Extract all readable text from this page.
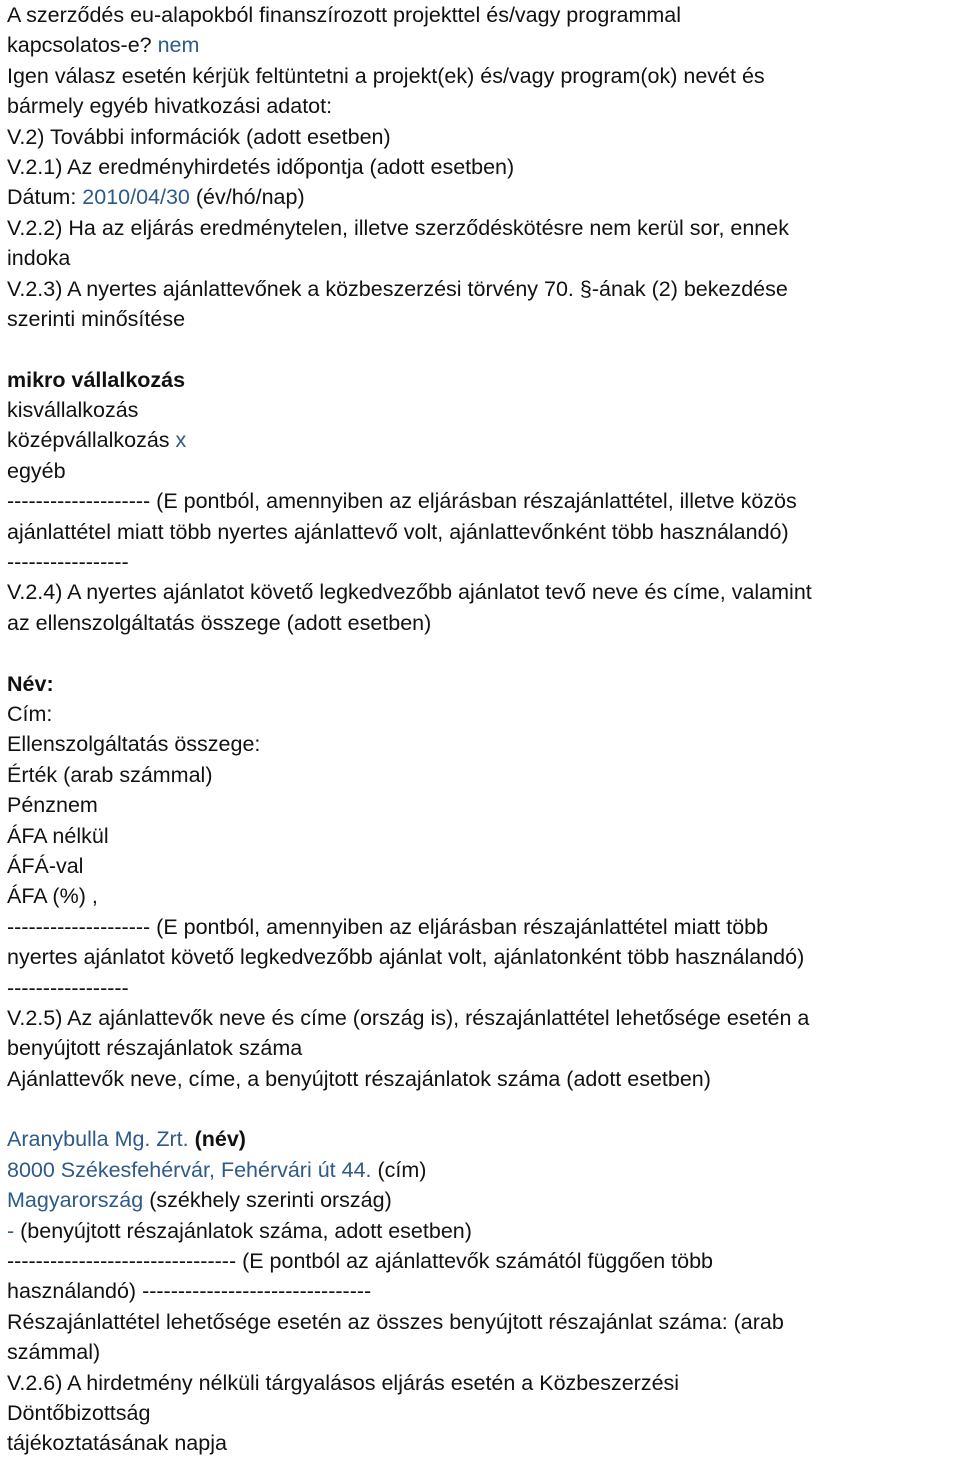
A szerződés eu-alapokból finanszírozott projekttel és/vagy programmal
kapcsolatos-e? nem
Igen válasz esetén kérjük feltüntetni a projekt(ek) és/vagy program(ok) nevét és
bármely egyéb hivatkozási adatot:
V.2) További információk (adott esetben)
V.2.1) Az eredményhirdetés időpontja (adott esetben)
Dátum: 2010/04/30 (év/hó/nap)
V.2.2) Ha az eljárás eredménytelen, illetve szerződéskötésre nem kerül sor, ennek
indoka
V.2.3) A nyertes ajánlattevőnek a közbeszerzési törvény 70. §-ának (2) bekezdése
szerinti minősítése
mikro vállalkozás
kisvállalkozás
középvállalkozás x
egyéb
-------------------- (E pontból, amennyiben az eljárásban részajánlattétel, illetve közös
ajánlattétel miatt több nyertes ajánlattevő volt, ajánlattevőnként több használandó)
-----------------
V.2.4) A nyertes ajánlatot követő legkedvezőbb ajánlatot tevő neve és címe, valamint
az ellenszolgáltatás összege (adott esetben)
Név:
Cím:
Ellenszolgáltatás összege:
Érték (arab számmal)
Pénznem
ÁFA nélkül
ÁFÁ-val
ÁFA (%) ,
-------------------- (E pontból, amennyiben az eljárásban részajánlattétel miatt több
nyertes ajánlatot követő legkedvezőbb ajánlat volt, ajánlatonként több használandó)
-----------------
V.2.5) Az ajánlattevők neve és címe (ország is), részajánlattétel lehetősége esetén a
benyújtott részajánlatok száma
Ajánlattevők neve, címe, a benyújtott részajánlatok száma (adott esetben)
Aranybulla Mg. Zrt. (név)
8000 Székesfehérvár, Fehérvári út 44. (cím)
Magyarország (székhely szerinti ország)
- (benyújtott részajánlatok száma, adott esetben)
-------------------------------- (E pontból az ajánlattevők számától függően több
használandó) --------------------------------
Részajánlattétel lehetősége esetén az összes benyújtott részajánlat száma: (arab
számmal)
V.2.6) A hirdetmény nélküli tárgyalásos eljárás esetén a Közbeszerzési
Döntőbizottság
tájékoztatásának napja
